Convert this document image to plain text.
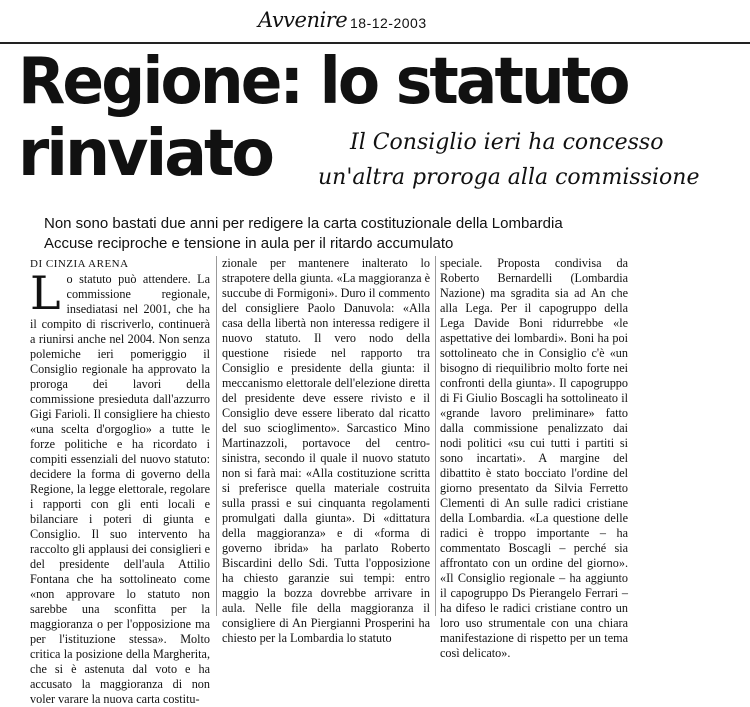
Avvenire 18-12-2003
Regione: lo statuto
rinviato	Il Consiglio ieri ha concesso
un'altra proroga alla commissione
Non sono bastati due anni per redigere la carta costituzionale della Lombardia
Accuse reciproche e tensione in aula per il ritardo accumulato
DI CINZIA ARENA
Lo statuto può attendere. La commissione regionale, insediatasi nel 2001, che ha il compito di riscriverlo, continuerà a riunirsi anche nel 2004. Non senza polemiche ieri pomeriggio il Consiglio regionale ha approvato la proroga dei lavori della commissione presieduta dall'azzurro Gigi Farioli. Il consigliere ha chiesto «una scelta d'orgoglio» a tutte le forze politiche e ha ricordato i compiti essenziali del nuovo statuto: decidere la forma di governo della Regione, la legge elettorale, regolare i rapporti con gli enti locali e bilanciare i poteri di giunta e Consiglio. Il suo intervento ha raccolto gli applausi dei consiglieri e del presidente dell'aula Attilio Fontana che ha sottolineato come «non approvare lo statuto non sarebbe una sconfitta per la maggioranza o per l'opposizione ma per l'istituzione stessa». Molto critica la posizione della Margherita, che si è astenuta dal voto e ha accusato la maggioranza di non voler varare la nuova carta costitu-
zionale per mantenere inalterato lo strapotere della giunta. «La maggioranza è succube di Formigoni». Duro il commento del consigliere Paolo Danuvola: «Alla casa della libertà non interessa redigere il nuovo statuto. Il vero nodo della questione risiede nel rapporto tra Consiglio e presidente della giunta: il meccanismo elettorale dell'elezione diretta del presidente deve essere rivisto e il Consiglio deve essere liberato dal ricatto del suo scioglimento». Sarcastico Mino Martinazzoli, portavoce del centro-sinistra, secondo il quale il nuovo statuto non si farà mai: «Alla costituzione scritta si preferisce quella materiale costruita sulla prassi e sui cinquanta regolamenti promulgati dalla giunta». Di «dittatura della maggioranza» e di «forma di governo ibrida» ha parlato Roberto Biscardini dello Sdi. Tutta l'opposizione ha chiesto garanzie sui tempi: entro maggio la bozza dovrebbe arrivare in aula. Nelle file della maggioranza il consigliere di An Piergianni Prosperini ha chiesto per la Lombardia lo statuto
speciale. Proposta condivisa da Roberto Bernardelli (Lombardia Nazione) ma sgradita sia ad An che alla Lega. Per il capogruppo della Lega Davide Boni ridurrebbe «le aspettative dei lombardi». Boni ha poi sottolineato che in Consiglio c'è «un bisogno di riequilibrio molto forte nei confronti della giunta». Il capogruppo di Fi Giulio Boscagli ha sottolineato il «grande lavoro preliminare» fatto dalla commissione penalizzato dai nodi politici «su cui tutti i partiti si sono incartati». A margine del dibattito è stato bocciato l'ordine del giorno presentato da Silvia Ferretto Clementi di An sulle radici cristiane della Lombardia. «La questione delle radici è troppo importante – ha commentato Boscagli – perché sia affrontato con un ordine del giorno». «Il Consiglio regionale – ha aggiunto il capogruppo Ds Pierangelo Ferrari – ha difeso le radici cristiane contro un loro uso strumentale con una chiara manifestazione di rispetto per un tema così delicato».
